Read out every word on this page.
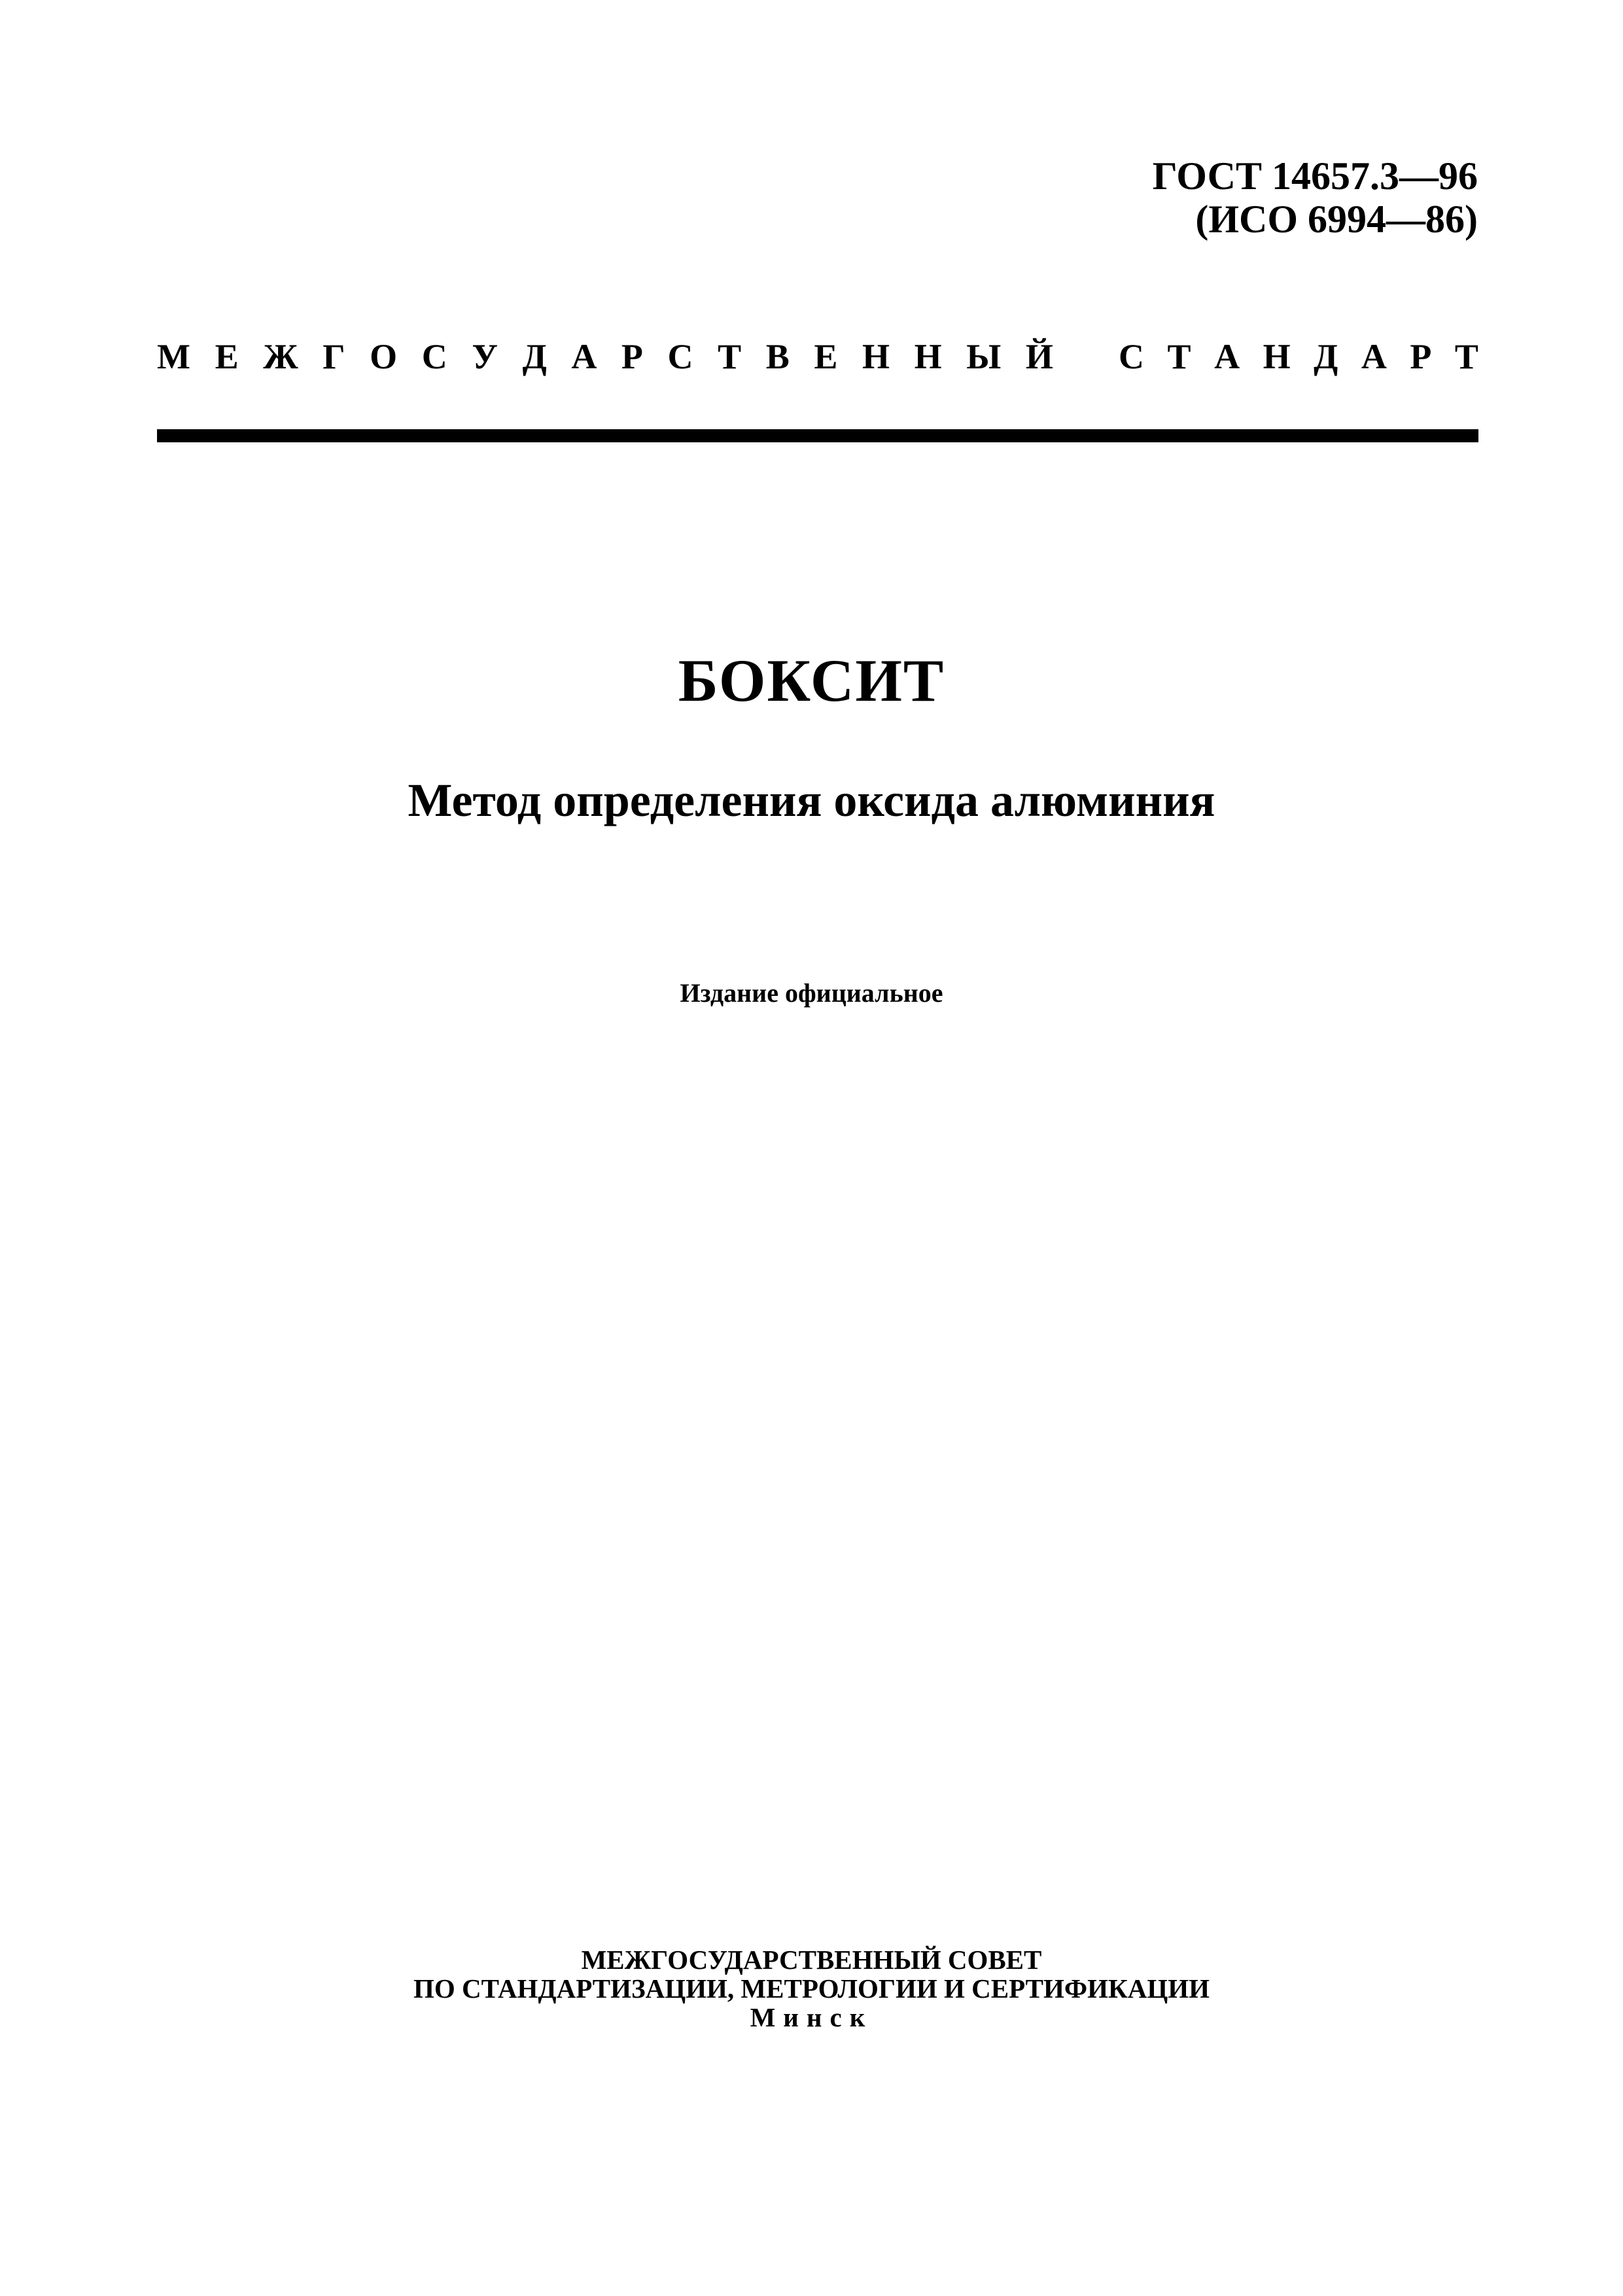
ГОСТ 14657.3—96
(ИСО 6994—86)
М Е Ж Г О С У Д А Р С Т В Е Н Н Ы Й С Т А Н Д А Р Т
БОКСИТ
Метод определения оксида алюминия
Издание официальное
МЕЖГОСУДАРСТВЕННЫЙ СОВЕТ
ПО СТАНДАРТИЗАЦИИ, МЕТРОЛОГИИ И СЕРТИФИКАЦИИ
Минск
